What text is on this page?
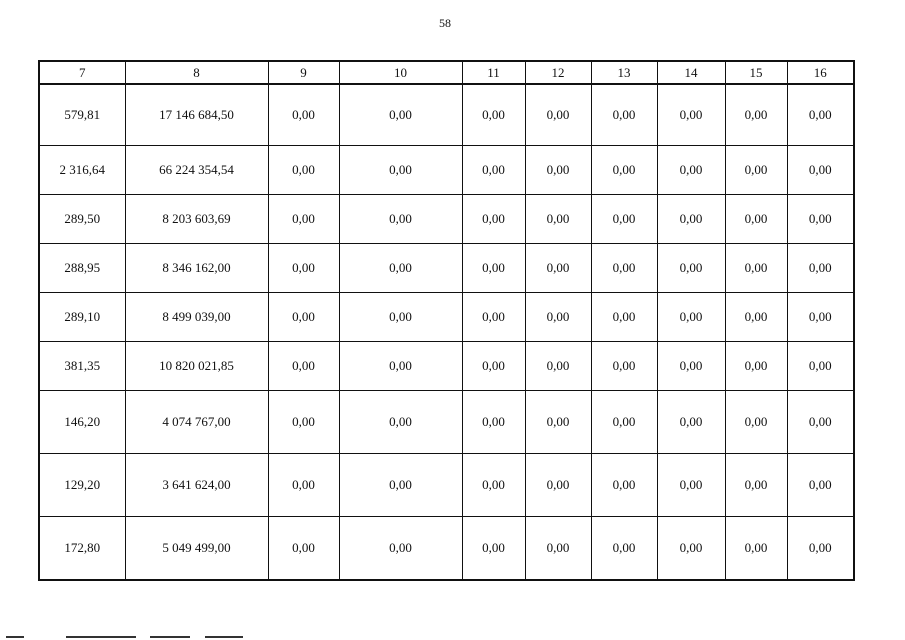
58
7	8	9	10	11	12	13	14	15	16
579,81	17 146 684,50	0,00	0,00	0,00	0,00	0,00	0,00	0,00	0,00
2 316,64	66 224 354,54	0,00	0,00	0,00	0,00	0,00	0,00	0,00	0,00
289,50	8 203 603,69	0,00	0,00	0,00	0,00	0,00	0,00	0,00	0,00
288,95	8 346 162,00	0,00	0,00	0,00	0,00	0,00	0,00	0,00	0,00
289,10	8 499 039,00	0,00	0,00	0,00	0,00	0,00	0,00	0,00	0,00
381,35	10 820 021,85	0,00	0,00	0,00	0,00	0,00	0,00	0,00	0,00
146,20	4 074 767,00	0,00	0,00	0,00	0,00	0,00	0,00	0,00	0,00
129,20	3 641 624,00	0,00	0,00	0,00	0,00	0,00	0,00	0,00	0,00
172,80	5 049 499,00	0,00	0,00	0,00	0,00	0,00	0,00	0,00	0,00
